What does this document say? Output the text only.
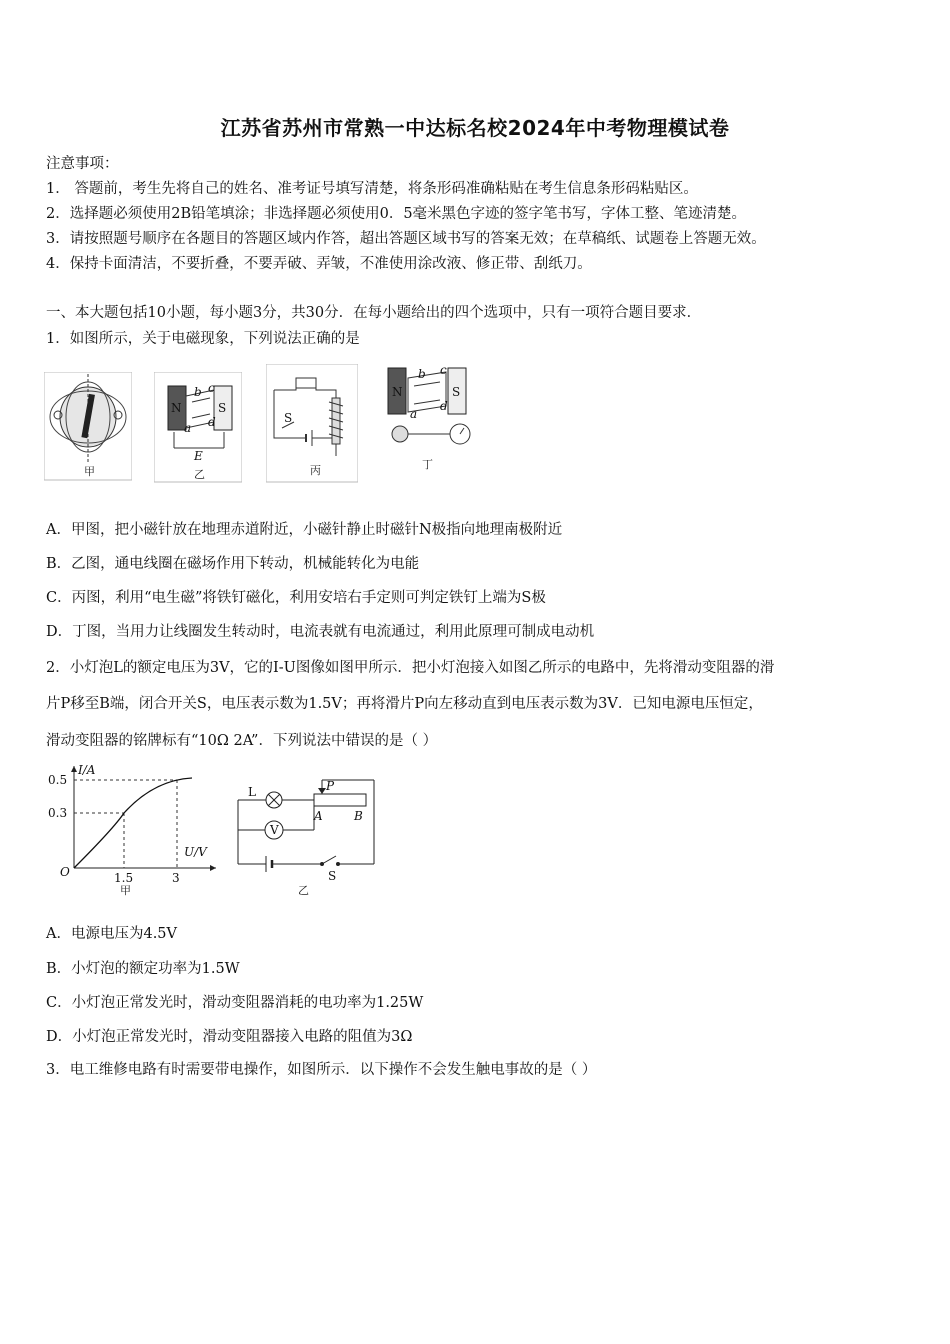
江苏省苏州市常熟一中达标名校2024年中考物理模试卷
注意事项：
1． 答题前，考生先将自己的姓名、准考证号填写清楚，将条形码准确粘贴在考生信息条形码粘贴区。
2．选择题必须使用2B铅笔填涂；非选择题必须使用0．5毫米黑色字迹的签字笔书写，字体工整、笔迹清楚。
3．请按照题号顺序在各题目的答题区域内作答，超出答题区域书写的答案无效；在草稿纸、试题卷上答题无效。
4．保持卡面清洁，不要折叠，不要弄破、弄皱，不准使用涂改液、修正带、刮纸刀。
一、本大题包括10小题，每小题3分，共30分．在每小题给出的四个选项中，只有一项符合题目要求．
1．如图所示，关于电磁现象，下列说法正确的是
甲
N	S
b c
d
a
E
乙
S
丙
N	S
b c
d
a
丁
A．甲图，把小磁针放在地理赤道附近，小磁针静止时磁针N极指向地理南极附近
B．乙图，通电线圈在磁场作用下转动，机械能转化为电能
C．丙图，利用“电生磁”将铁钉磁化，利用安培右手定则可判定铁钉上端为S极
D．丁图，当用力让线圈发生转动时，电流表就有电流通过，利用此原理可制成电动机
2．小灯泡L的额定电压为3V，它的I-U图像如图甲所示．把小灯泡接入如图乙所示的电路中，先将滑动变阻器的滑
片P移至B端，闭合开关S，电压表示数为1.5V；再将滑片P向左移动直到电压表示数为3V．已知电源电压恒定，
滑动变阻器的铭牌标有“10Ω 2A”．下列说法中错误的是（ ）
I/A
U/V
O
0.5
0.3
1.5	3
甲
L
V
P
A	B
S
乙
A．电源电压为4.5V
B．小灯泡的额定功率为1.5W
C．小灯泡正常发光时，滑动变阻器消耗的电功率为1.25W
D．小灯泡正常发光时，滑动变阻器接入电路的阻值为3Ω
3．电工维修电路有时需要带电操作，如图所示．以下操作不会发生触电事故的是（ ）
